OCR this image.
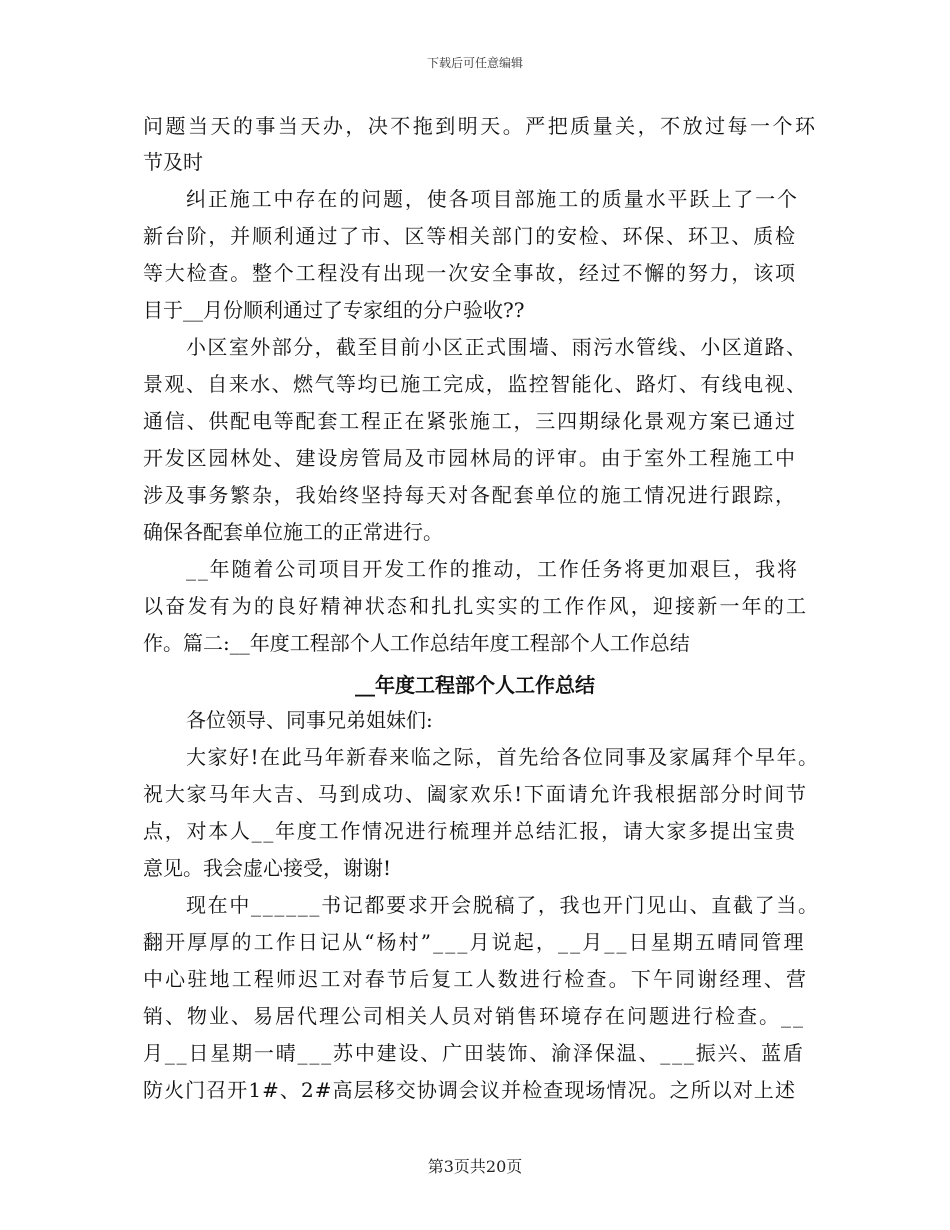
下载后可任意编辑
问题当天的事当天办，决不拖到明天。严把质量关，不放过每一个环
节及时
纠正施工中存在的问题，使各项目部施工的质量水平跃上了一个
新台阶，并顺利通过了市、区等相关部门的安检、环保、环卫、质检
等大检查。整个工程没有出现一次安全事故，经过不懈的努力，该项
目于__月份顺利通过了专家组的分户验收??
小区室外部分，截至目前小区正式围墙、雨污水管线、小区道路、
景观、自来水、燃气等均已施工完成，监控智能化、路灯、有线电视、
通信、供配电等配套工程正在紧张施工，三四期绿化景观方案已通过
开发区园林处、建设房管局及市园林局的评审。由于室外工程施工中
涉及事务繁杂，我始终坚持每天对各配套单位的施工情况进行跟踪，
确保各配套单位施工的正常进行。
__年随着公司项目开发工作的推动，工作任务将更加艰巨，我将
以奋发有为的良好精神状态和扎扎实实的工作作风，迎接新一年的工
作。篇二:__年度工程部个人工作总结年度工程部个人工作总结
__年度工程部个人工作总结
各位领导、同事兄弟姐妹们:
大家好!在此马年新春来临之际，首先给各位同事及家属拜个早年。
祝大家马年大吉、马到成功、阖家欢乐!下面请允许我根据部分时间节
点，对本人__年度工作情况进行梳理并总结汇报，请大家多提出宝贵
意见。我会虚心接受，谢谢!
现在中______书记都要求开会脱稿了，我也开门见山、直截了当。
翻开厚厚的工作日记从“杨村”___月说起，__月__日星期五晴同管理
中心驻地工程师迟工对春节后复工人数进行检查。下午同谢经理、营
销、物业、易居代理公司相关人员对销售环境存在问题进行检查。__
月__日星期一晴___苏中建设、广田装饰、渝泽保温、___振兴、蓝盾
防火门召开1#、2#高层移交协调会议并检查现场情况。之所以对上述
第3页共20页
